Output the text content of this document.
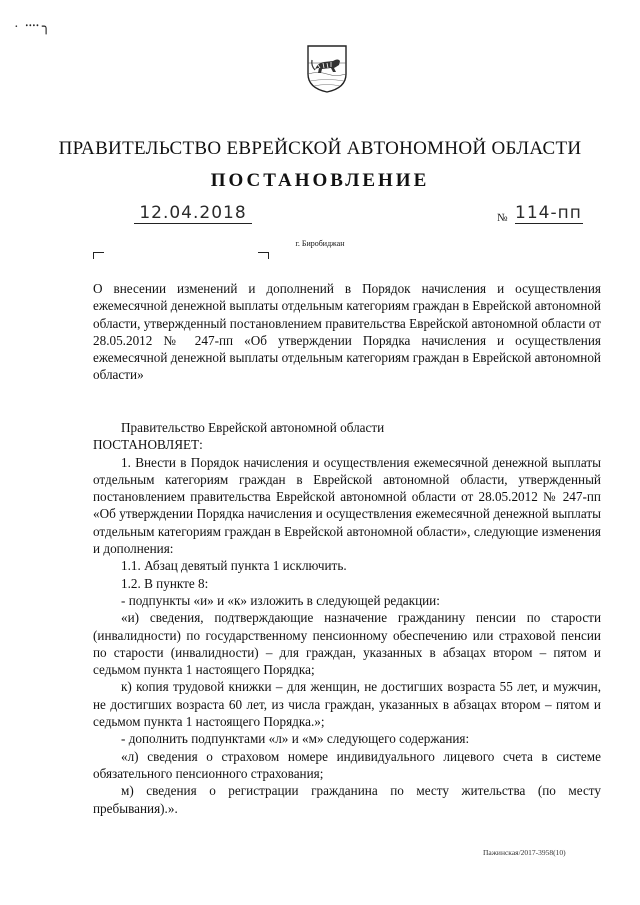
· ᠁ ╮
ПРАВИТЕЛЬСТВО ЕВРЕЙСКОЙ АВТОНОМНОЙ ОБЛАСТИ
ПОСТАНОВЛЕНИЕ
12.04.2018	№ 114-пп
г. Биробиджан
О внесении изменений и дополнений в Порядок начисления и осуществления ежемесячной денежной выплаты отдельным категориям граждан в Еврейской автономной области, утвержденный постановлением правительства Еврейской автономной области от 28.05.2012 № 247-пп «Об утверждении Порядка начисления и осуществления ежемесячной денежной выплаты отдельным категориям граждан в Еврейской автономной области»

Правительство Еврейской автономной области

ПОСТАНОВЛЯЕТ:

1. Внести в Порядок начисления и осуществления ежемесячной денежной выплаты отдельным категориям граждан в Еврейской автономной области, утвержденный постановлением правительства Еврейской автономной области от 28.05.2012 № 247-пп «Об утверждении Порядка начисления и осуществления ежемесячной денежной выплаты отдельным категориям граждан в Еврейской автономной области», следующие изменения и дополнения:

1.1. Абзац девятый пункта 1 исключить.

1.2. В пункте 8:

- подпункты «и» и «к» изложить в следующей редакции:

«и) сведения, подтверждающие назначение гражданину пенсии по старости (инвалидности) по государственному пенсионному обеспечению или страховой пенсии по старости (инвалидности) – для граждан, указанных в абзацах втором – пятом и седьмом пункта 1 настоящего Порядка;

к) копия трудовой книжки – для женщин, не достигших возраста 55 лет, и мужчин, не достигших возраста 60 лет, из числа граждан, указанных в абзацах втором – пятом и седьмом пункта 1 настоящего Порядка.»;

- дополнить подпунктами «л» и «м» следующего содержания:

«л) сведения о страховом номере индивидуального лицевого счета в системе обязательного пенсионного страхования;

м) сведения о регистрации гражданина по месту жительства (по месту пребывания).».

Пажинская/2017-3958(10)
